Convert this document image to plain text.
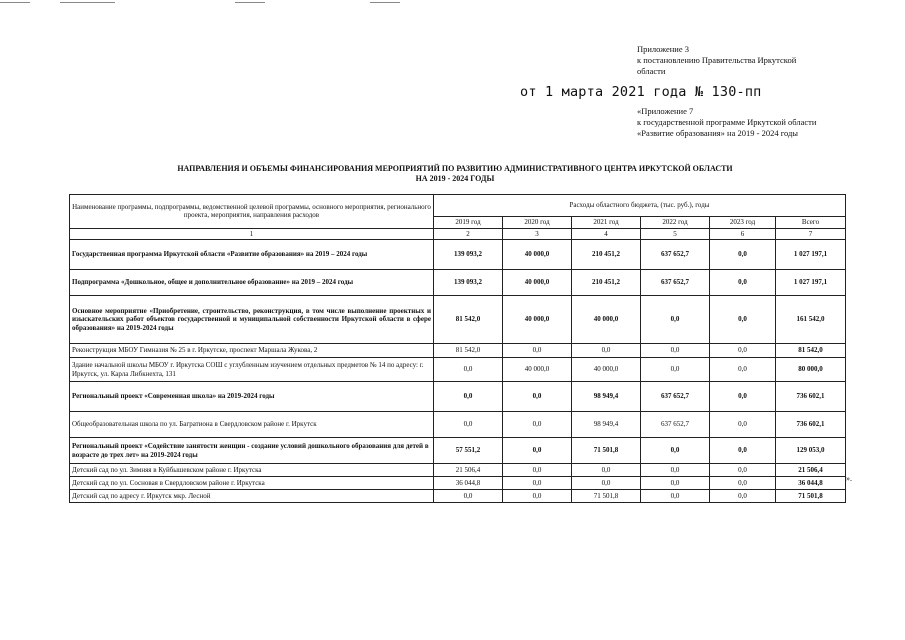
Приложение 3
к постановлению Правительства Иркутской области
от 1 марта 2021 года № 130-пп
«Приложение 7
к государственной программе Иркутской области «Развитие образования» на 2019 - 2024 годы
НАПРАВЛЕНИЯ И ОБЪЕМЫ ФИНАНСИРОВАНИЯ МЕРОПРИЯТИЙ ПО РАЗВИТИЮ АДМИНИСТРАТИВНОГО ЦЕНТРА ИРКУТСКОЙ ОБЛАСТИ
НА 2019 - 2024 ГОДЫ
Наименование программы, подпрограммы, ведомственной целевой программы, основного мероприятия, регионального проекта, мероприятия, направления расходов	Расходы областного бюджета, (тыс. руб.), годы					
	2019 год	2020 год	2021 год	2022 год	2023 год	Всего
1	2	3	4	5	6	7
Государственная программа Иркутской области «Развитие образования» на 2019 – 2024 годы	139 093,2	40 000,0	210 451,2	637 652,7	0,0	1 027 197,1
Подпрограмма «Дошкольное, общее и дополнительное образование» на 2019 – 2024 годы	139 093,2	40 000,0	210 451,2	637 652,7	0,0	1 027 197,1
Основное мероприятие «Приобретение, строительство, реконструкция, в том числе выполнение проектных и изыскательских работ объектов государственной и муниципальной собственности Иркутской области в сфере образования» на 2019-2024 годы	81 542,0	40 000,0	40 000,0	0,0	0,0	161 542,0
Реконструкция МБОУ Гимназия № 25 в г. Иркутске, проспект Маршала Жукова, 2	81 542,0	0,0	0,0	0,0	0,0	81 542,0
Здание начальной школы МБОУ г. Иркутска СОШ с углубленным изучением отдельных предметов № 14 по адресу: г. Иркутск, ул. Карла Либкнехта, 131	0,0	40 000,0	40 000,0	0,0	0,0	80 000,0
Региональный проект «Современная школа» на 2019-2024 годы	0,0	0,0	98 949,4	637 652,7	0,0	736 602,1
Общеобразовательная школа по ул. Багратиона в Свердловском районе г. Иркутск	0,0	0,0	98 949,4	637 652,7	0,0	736 602,1
Региональный проект «Содействие занятости женщин - создание условий дошкольного образования для детей в возрасте до трех лет» на 2019-2024 годы	57 551,2	0,0	71 501,8	0,0	0,0	129 053,0
Детский сад по ул. Зимняя в Куйбышевском районе г. Иркутска	21 506,4	0,0	0,0	0,0	0,0	21 506,4
Детский сад по ул. Сосновая в Свердловском районе г. Иркутска	36 044,8	0,0	0,0	0,0	0,0	36 044,8
Детский сад по адресу г. Иркутск мкр. Лесной	0,0	0,0	71 501,8	0,0	0,0	71 501,8
».
